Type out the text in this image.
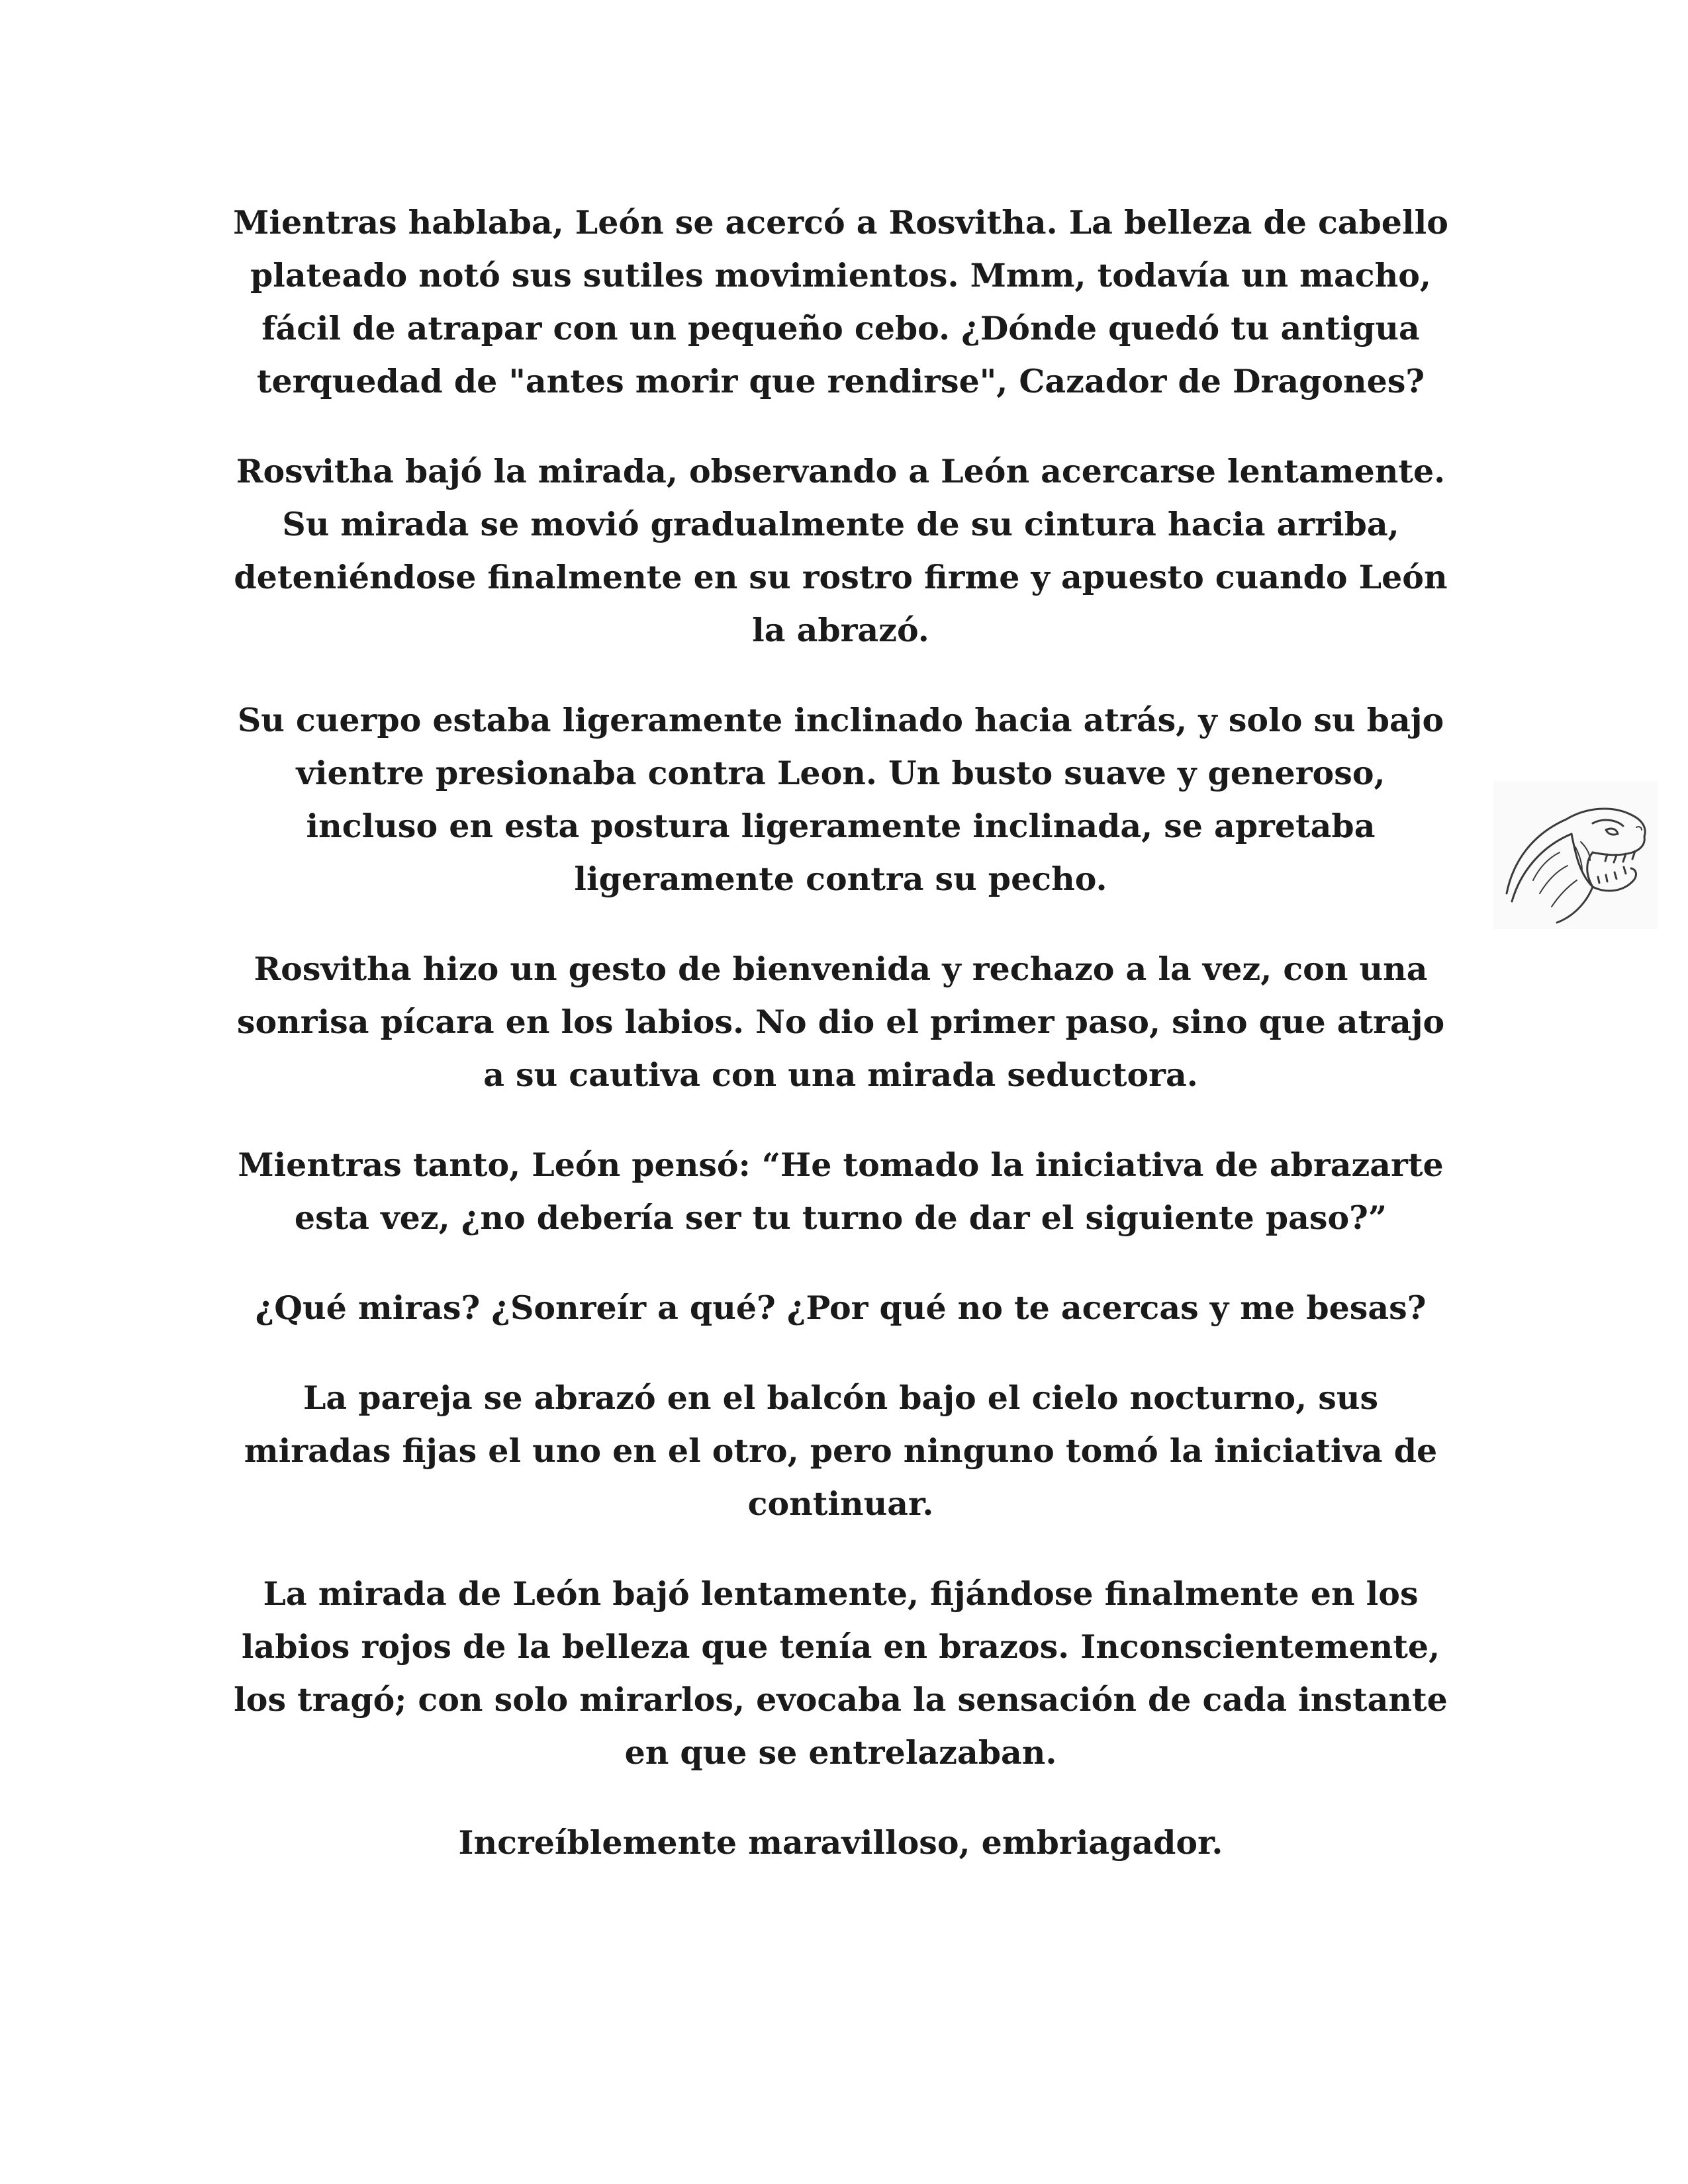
Mientras hablaba, León se acercó a Rosvitha. La belleza de cabello plateado notó sus sutiles movimientos. Mmm, todavía un macho, fácil de atrapar con un pequeño cebo. ¿Dónde quedó tu antigua terquedad de "antes morir que rendirse", Cazador de Dragones?

Rosvitha bajó la mirada, observando a León acercarse lentamente. Su mirada se movió gradualmente de su cintura hacia arriba, deteniéndose finalmente en su rostro firme y apuesto cuando León la abrazó.

Su cuerpo estaba ligeramente inclinado hacia atrás, y solo su bajo vientre presionaba contra Leon. Un busto suave y generoso, incluso en esta postura ligeramente inclinada, se apretaba ligeramente contra su pecho.

Rosvitha hizo un gesto de bienvenida y rechazo a la vez, con una sonrisa pícara en los labios. No dio el primer paso, sino que atrajo a su cautiva con una mirada seductora.

Mientras tanto, León pensó: “He tomado la iniciativa de abrazarte esta vez, ¿no debería ser tu turno de dar el siguiente paso?”

¿Qué miras? ¿Sonreír a qué? ¿Por qué no te acercas y me besas?

La pareja se abrazó en el balcón bajo el cielo nocturno, sus miradas fijas el uno en el otro, pero ninguno tomó la iniciativa de continuar.

La mirada de León bajó lentamente, fijándose finalmente en los labios rojos de la belleza que tenía en brazos. Inconscientemente, los tragó; con solo mirarlos, evocaba la sensación de cada instante en que se entrelazaban.

Increíblemente maravilloso, embriagador.
